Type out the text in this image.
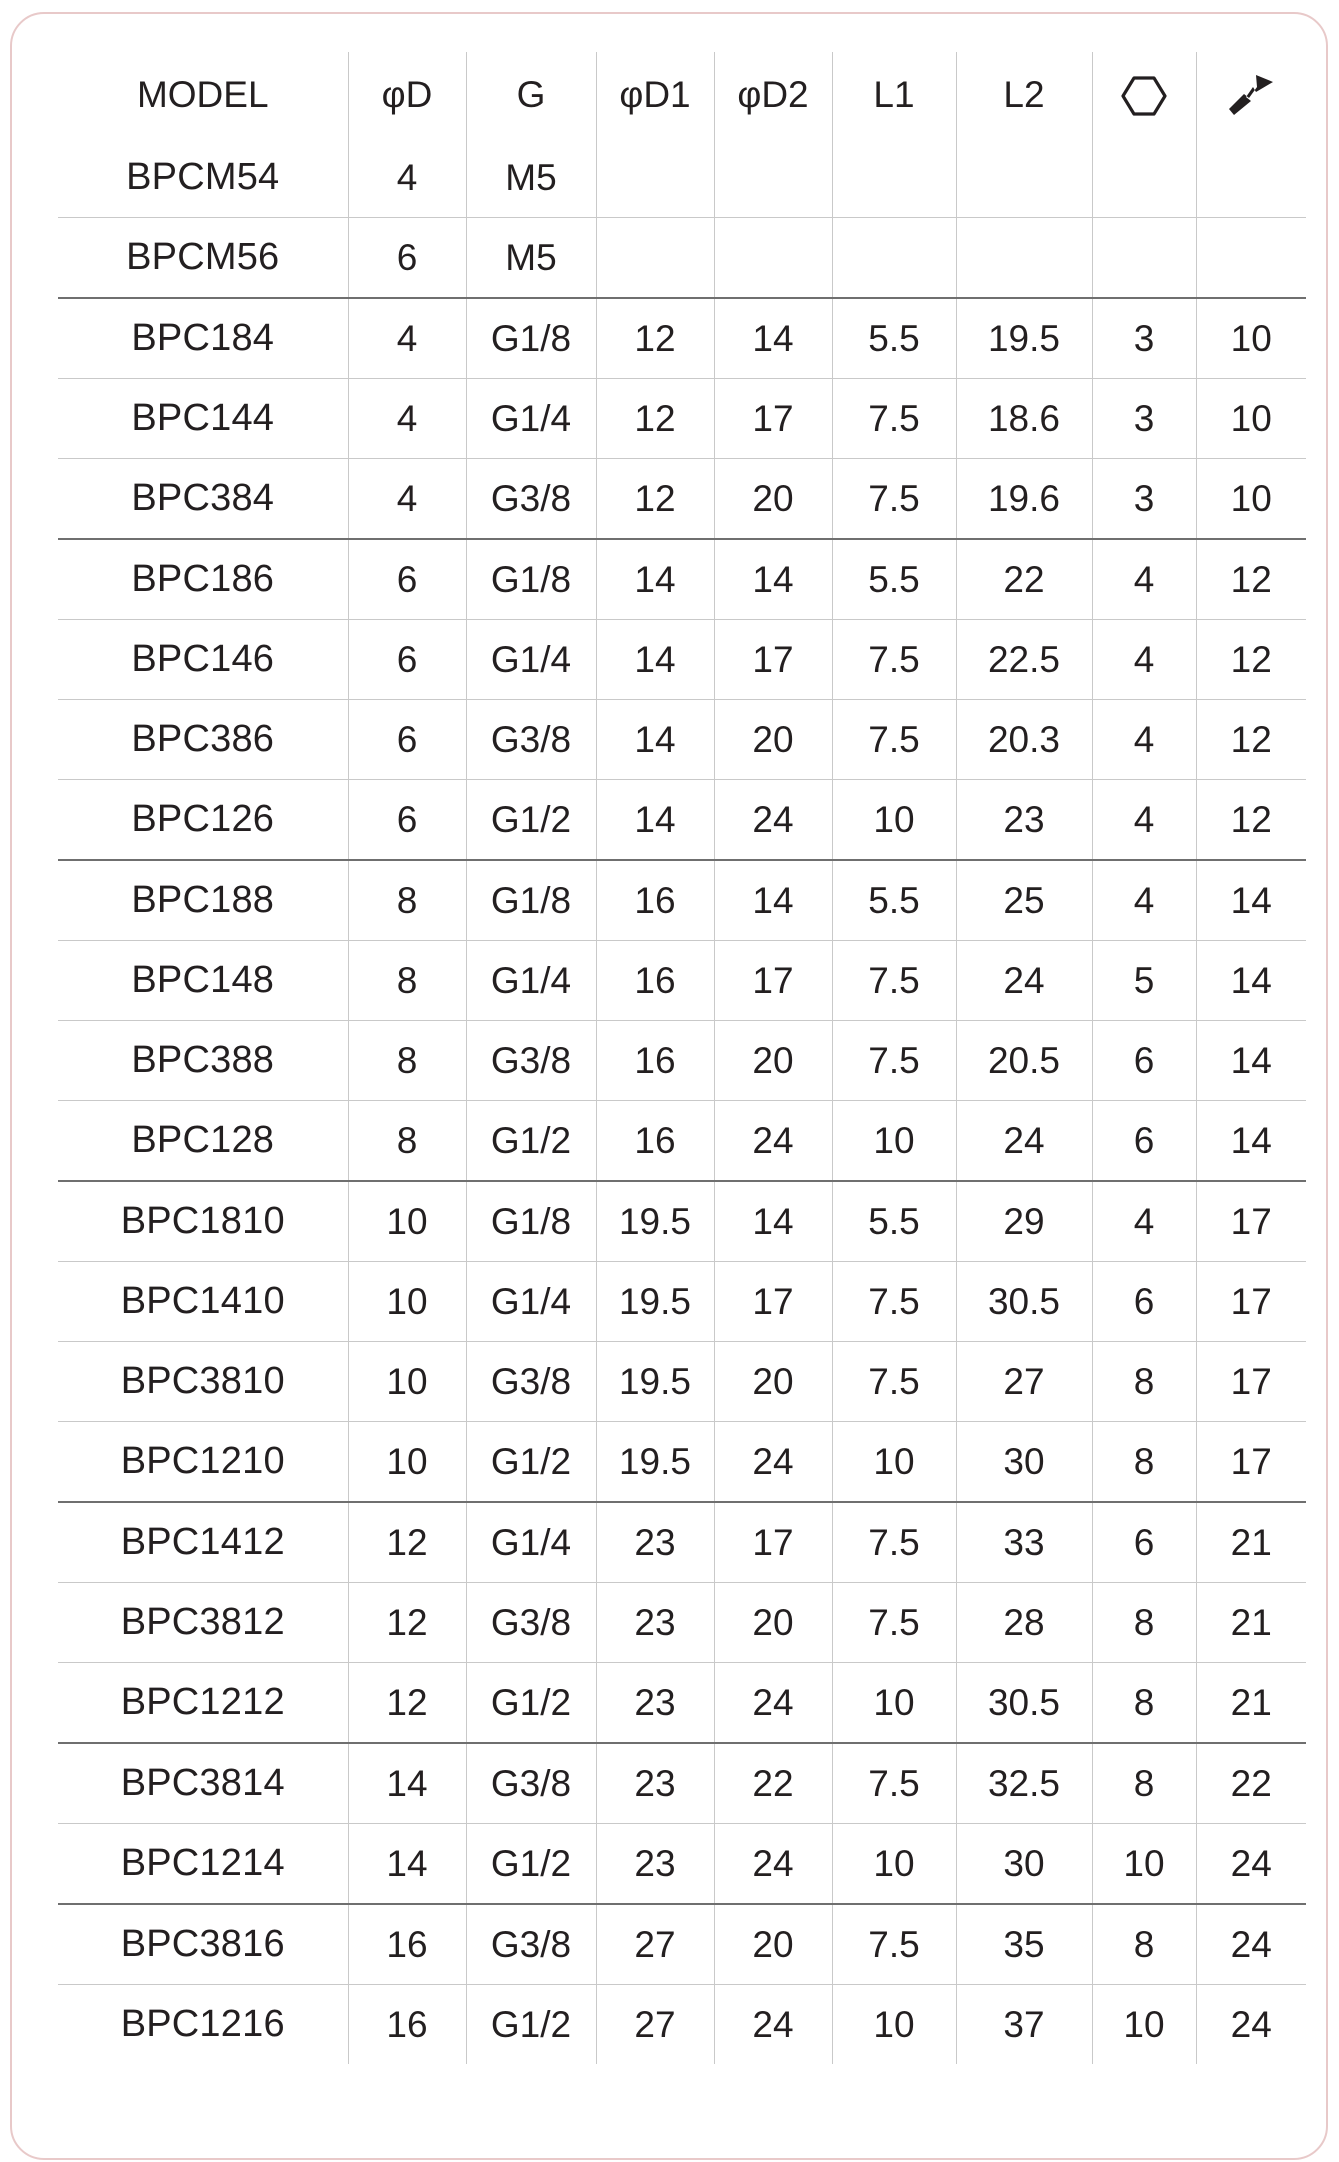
MODEL	φD	G	φD1	φD2	L1	L2		
BPCM54	4	M5						
BPCM56	6	M5						
BPC184	4	G1/8	12	14	5.5	19.5	3	10
BPC144	4	G1/4	12	17	7.5	18.6	3	10
BPC384	4	G3/8	12	20	7.5	19.6	3	10
BPC186	6	G1/8	14	14	5.5	22	4	12
BPC146	6	G1/4	14	17	7.5	22.5	4	12
BPC386	6	G3/8	14	20	7.5	20.3	4	12
BPC126	6	G1/2	14	24	10	23	4	12
BPC188	8	G1/8	16	14	5.5	25	4	14
BPC148	8	G1/4	16	17	7.5	24	5	14
BPC388	8	G3/8	16	20	7.5	20.5	6	14
BPC128	8	G1/2	16	24	10	24	6	14
BPC1810	10	G1/8	19.5	14	5.5	29	4	17
BPC1410	10	G1/4	19.5	17	7.5	30.5	6	17
BPC3810	10	G3/8	19.5	20	7.5	27	8	17
BPC1210	10	G1/2	19.5	24	10	30	8	17
BPC1412	12	G1/4	23	17	7.5	33	6	21
BPC3812	12	G3/8	23	20	7.5	28	8	21
BPC1212	12	G1/2	23	24	10	30.5	8	21
BPC3814	14	G3/8	23	22	7.5	32.5	8	22
BPC1214	14	G1/2	23	24	10	30	10	24
BPC3816	16	G3/8	27	20	7.5	35	8	24
BPC1216	16	G1/2	27	24	10	37	10	24
